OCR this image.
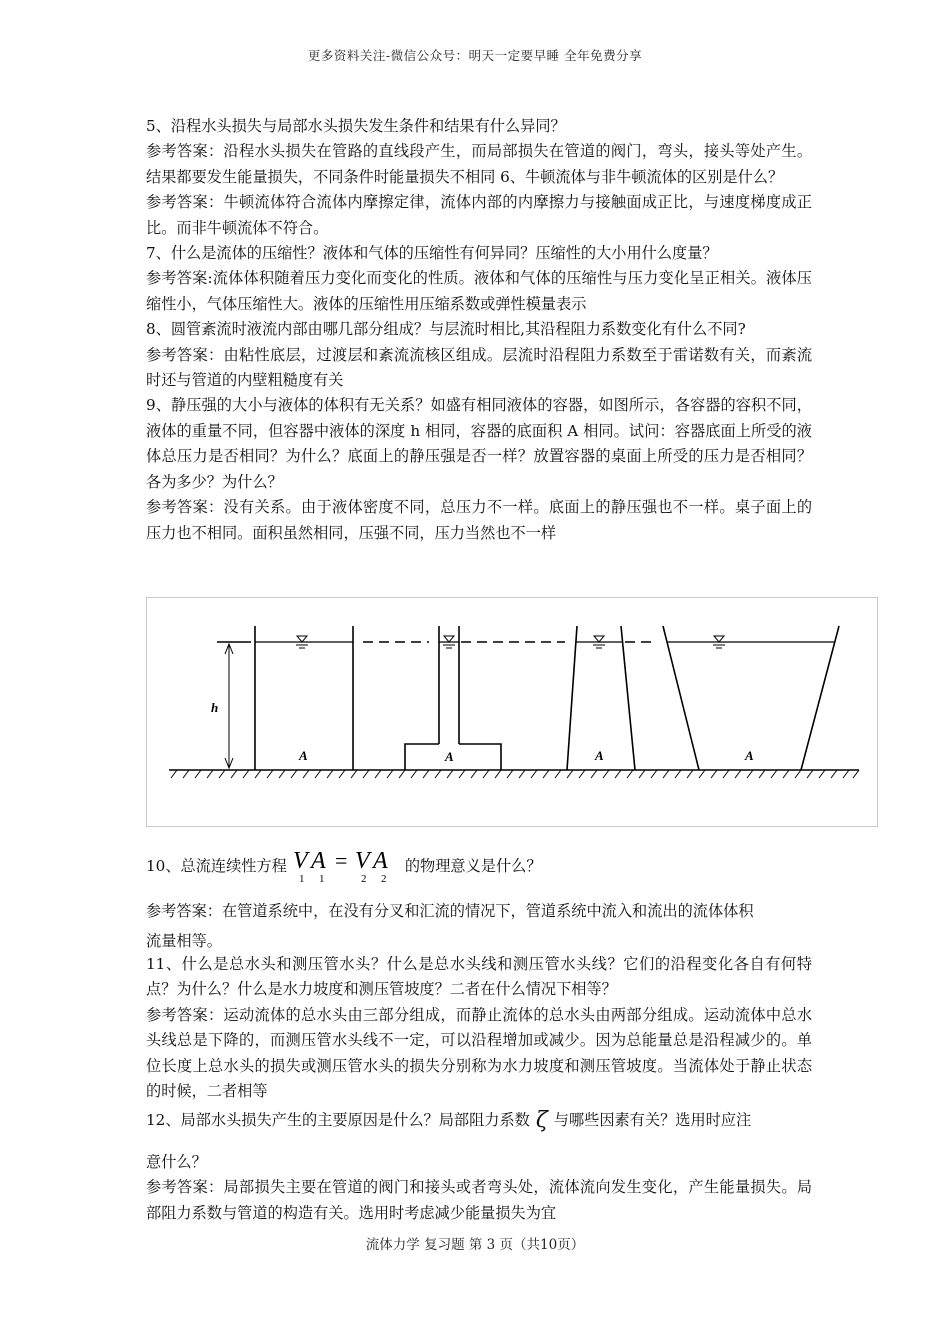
更多资料关注-微信公众号：明天一定要早睡 全年免费分享

5、沿程水头损失与局部水头损失发生条件和结果有什么异同？

参考答案：沿程水头损失在管路的直线段产生，而局部损失在管道的阀门，弯头，接头等处产生。结果都要发生能量损失，不同条件时能量损失不相同 6、牛顿流体与非牛顿流体的区别是什么？

参考答案：牛顿流体符合流体内摩擦定律，流体内部的内摩擦力与接触面成正比，与速度梯度成正比。而非牛顿流体不符合。

7、什么是流体的压缩性？液体和气体的压缩性有何异同？压缩性的大小用什么度量？

参考答案:流体体积随着压力变化而变化的性质。液体和气体的压缩性与压力变化呈正相关。液体压缩性小，气体压缩性大。液体的压缩性用压缩系数或弹性模量表示

8、圆管紊流时液流内部由哪几部分组成？与层流时相比,其沿程阻力系数变化有什么不同?

参考答案：由粘性底层，过渡层和紊流流核区组成。层流时沿程阻力系数至于雷诺数有关，而紊流时还与管道的内壁粗糙度有关

9、静压强的大小与液体的体积有无关系？如盛有相同液体的容器，如图所示，各容器的容积不同，液体的重量不同，但容器中液体的深度 h 相同，容器的底面积 A 相同。试问：容器底面上所受的液体总压力是否相同？为什么？底面上的静压强是否一样？放置容器的桌面上所受的压力是否相同？各为多少？为什么？

参考答案：没有关系。由于液体密度不同，总压力不一样。底面上的静压强也不一样。桌子面上的压力也不相同。面积虽然相同，压强不同，压力当然也不一样

h
A	A	A	A
10、总流连续性方程 V A
1 1
= V A
2 2
的物理意义是什么？

参考答案：在管道系统中，在没有分叉和汇流的情况下，管道系统中流入和流出的流体体积

流量相等。

11、什么是总水头和测压管水头？什么是总水头线和测压管水头线？它们的沿程变化各自有何特点？为什么？什么是水力坡度和测压管坡度？二者在什么情况下相等？

参考答案：运动流体的总水头由三部分组成，而静止流体的总水头由两部分组成。运动流体中总水头线总是下降的，而测压管水头线不一定，可以沿程增加或减少。因为总能量总是沿程减少的。单位长度上总水头的损失或测压管水头的损失分别称为水力坡度和测压管坡度。当流体处于静止状态的时候，二者相等

12、局部水头损失产生的主要原因是什么？局部阻力系数 ζ 与哪些因素有关？选用时应注

意什么？

参考答案：局部损失主要在管道的阀门和接头或者弯头处，流体流向发生变化，产生能量损失。局部阻力系数与管道的构造有关。选用时考虑减少能量损失为宜

流体力学 复习题 第 3 页（共10页）
